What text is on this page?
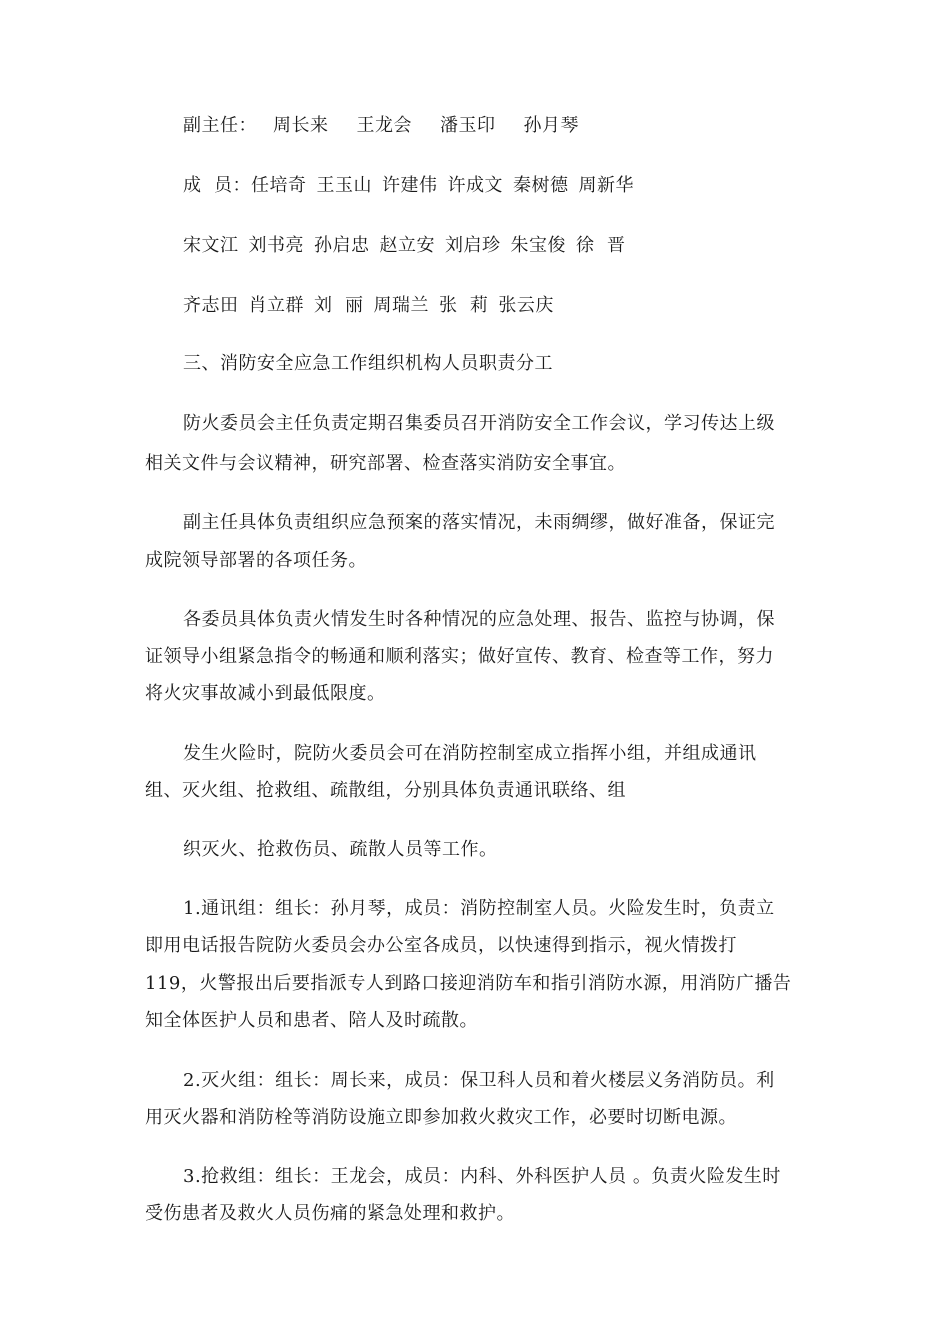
副主任： 周长来 王龙会 潘玉印 孙月琴
成  员：任培奇 王玉山 许建伟 许成文 秦树德 周新华
宋文江 刘书亮 孙启忠 赵立安 刘启珍 朱宝俊 徐  晋
齐志田 肖立群 刘  丽 周瑞兰 张  莉 张云庆
三、消防安全应急工作组织机构人员职责分工
防火委员会主任负责定期召集委员召开消防安全工作会议，学习传达上级
相关文件与会议精神，研究部署、检查落实消防安全事宜。
副主任具体负责组织应急预案的落实情况，未雨绸缪，做好准备，保证完
成院领导部署的各项任务。
各委员具体负责火情发生时各种情况的应急处理、报告、监控与协调，保
证领导小组紧急指令的畅通和顺利落实；做好宣传、教育、检查等工作，努力
将火灾事故减小到最低限度。
发生火险时，院防火委员会可在消防控制室成立指挥小组，并组成通讯
组、灭火组、抢救组、疏散组，分别具体负责通讯联络、组
织灭火、抢救伤员、疏散人员等工作。
1.通讯组：组长：孙月琴，成员：消防控制室人员。火险发生时，负责立
即用电话报告院防火委员会办公室各成员，以快速得到指示，视火情拨打
119，火警报出后要指派专人到路口接迎消防车和指引消防水源，用消防广播告
知全体医护人员和患者、陪人及时疏散。
2.灭火组：组长：周长来，成员：保卫科人员和着火楼层义务消防员。利
用灭火器和消防栓等消防设施立即参加救火救灾工作，必要时切断电源。
3.抢救组：组长：王龙会，成员：内科、外科医护人员 。负责火险发生时
受伤患者及救火人员伤痛的紧急处理和救护。
